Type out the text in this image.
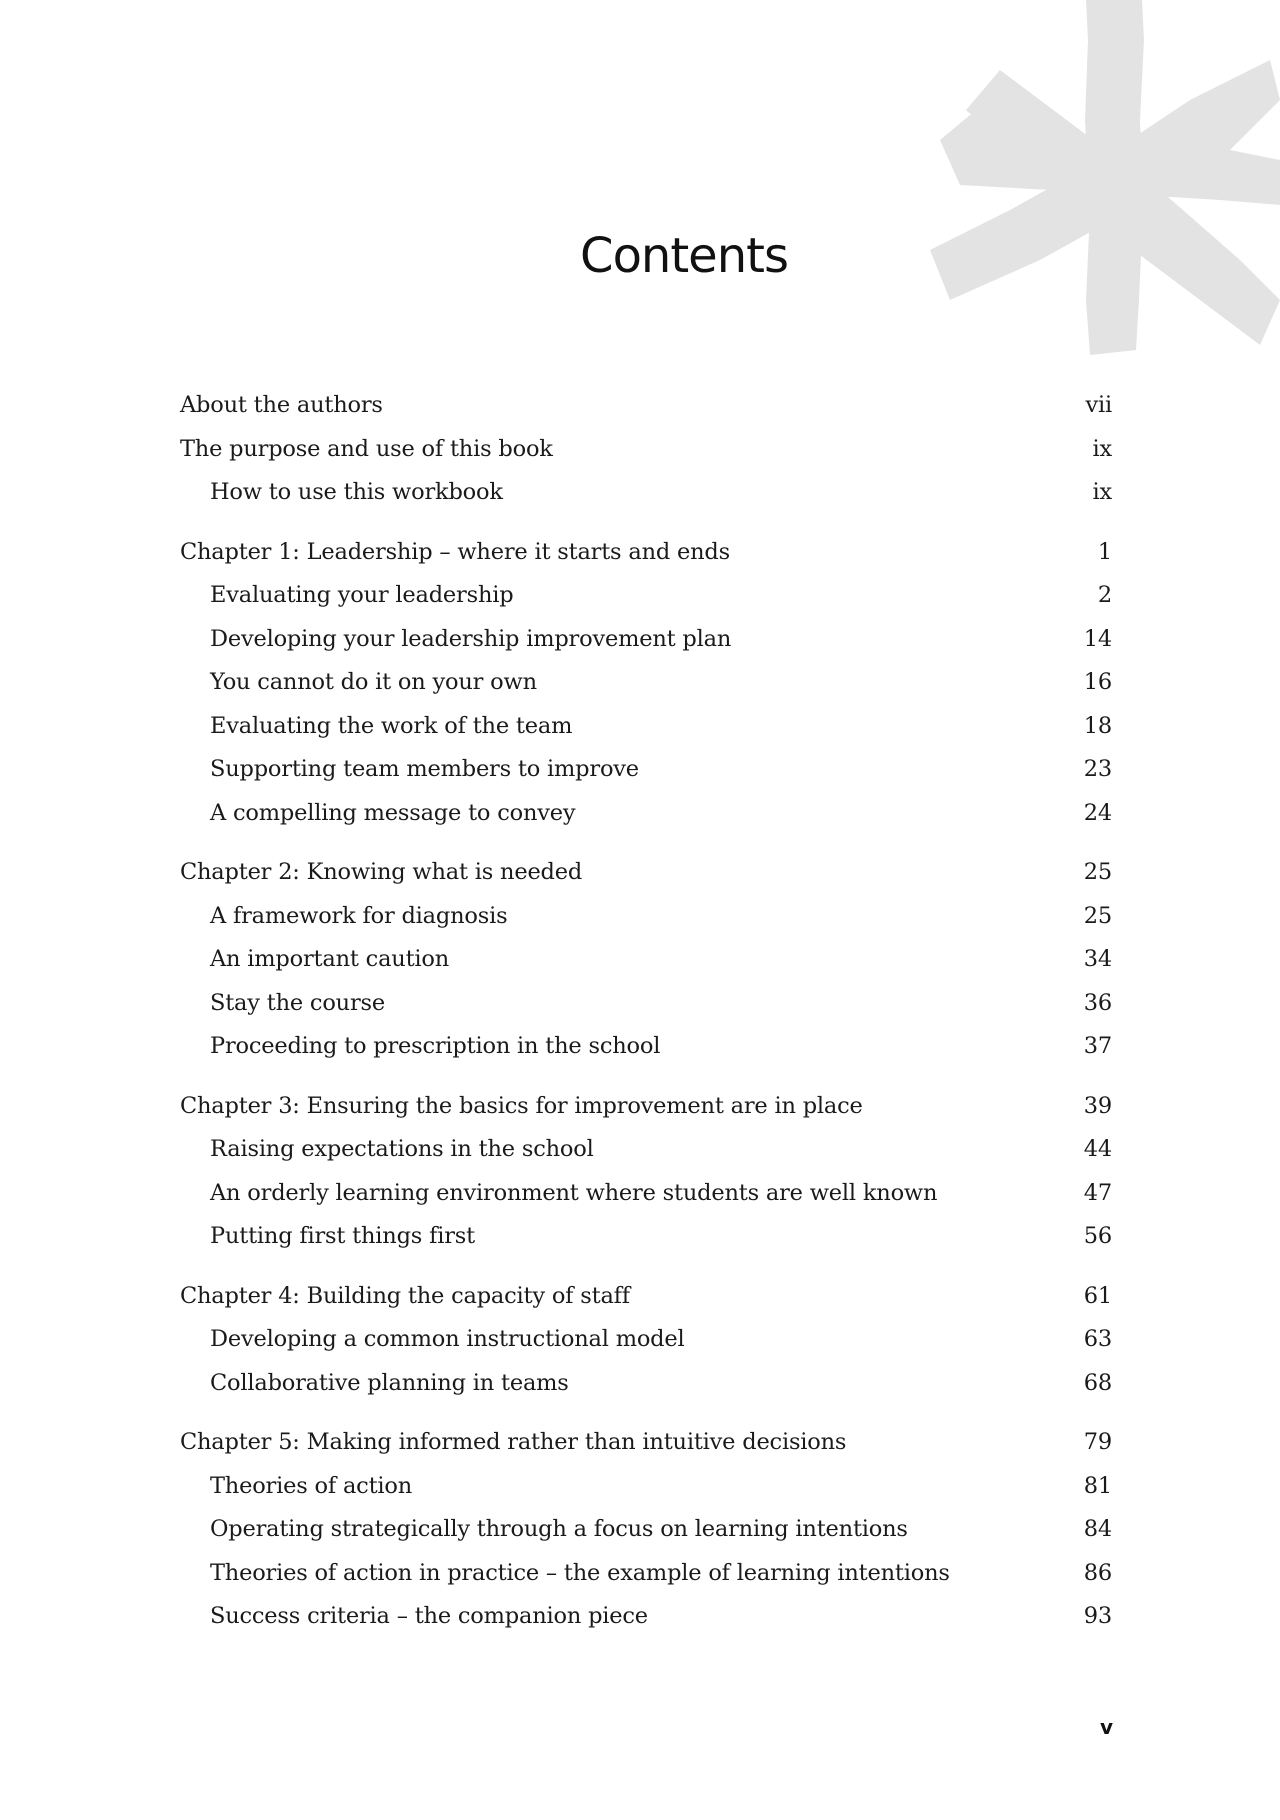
Contents
About the authors	vii
The purpose and use of this book	ix
How to use this workbook	ix
Chapter 1: Leadership – where it starts and ends	1
Evaluating your leadership	2
Developing your leadership improvement plan	14
You cannot do it on your own	16
Evaluating the work of the team	18
Supporting team members to improve	23
A compelling message to convey	24
Chapter 2: Knowing what is needed	25
A framework for diagnosis	25
An important caution	34
Stay the course	36
Proceeding to prescription in the school	37
Chapter 3: Ensuring the basics for improvement are in place	39
Raising expectations in the school	44
An orderly learning environment where students are well known	47
Putting first things first	56
Chapter 4: Building the capacity of staff	61
Developing a common instructional model	63
Collaborative planning in teams	68
Chapter 5: Making informed rather than intuitive decisions	79
Theories of action	81
Operating strategically through a focus on learning intentions	84
Theories of action in practice – the example of learning intentions	86
Success criteria – the companion piece	93
v
